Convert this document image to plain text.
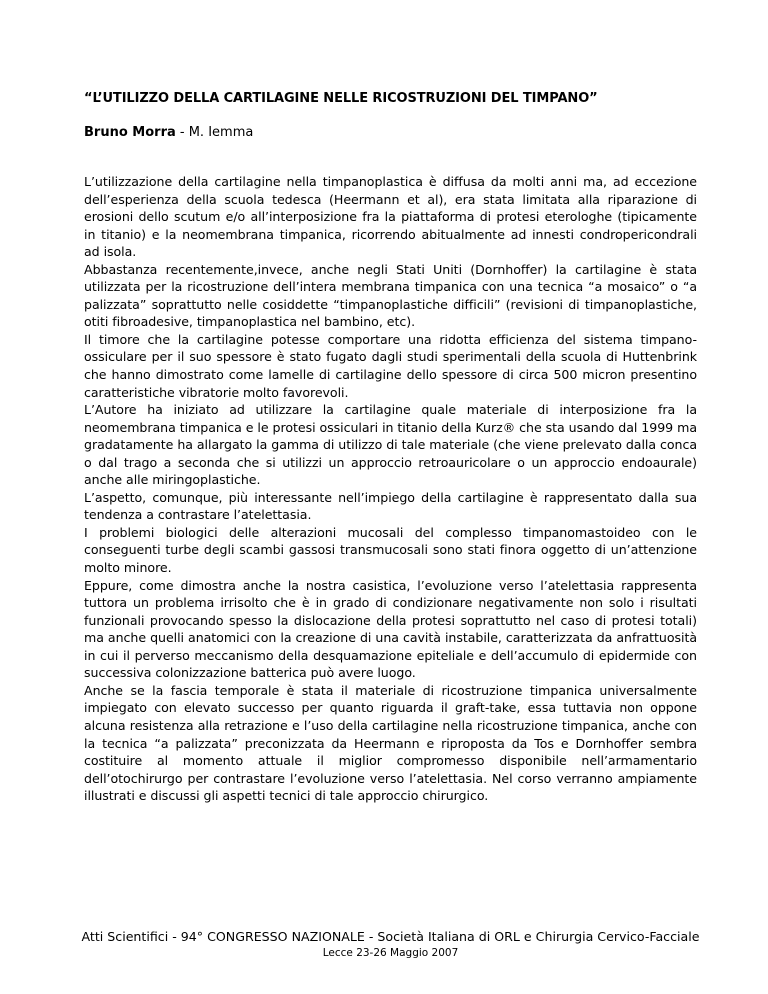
“L’UTILIZZO DELLA CARTILAGINE NELLE RICOSTRUZIONI DEL TIMPANO”
Bruno Morra - M. Iemma

L’utilizzazione della cartilagine nella timpanoplastica è diffusa da molti anni ma, ad eccezione dell’esperienza della scuola tedesca (Heermann et al), era stata limitata alla riparazione di erosioni dello scutum e/o all’interposizione fra la piattaforma di protesi eterologhe (tipicamente in titanio) e la neomembrana timpanica, ricorrendo abitualmente ad innesti condropericondrali ad isola.

Abbastanza recentemente,invece, anche negli Stati Uniti (Dornhoffer) la cartilagine è stata utilizzata per la ricostruzione dell’intera membrana timpanica con una tecnica “a mosaico” o “a palizzata” soprattutto nelle cosiddette “timpanoplastiche difficili” (revisioni di timpanoplastiche, otiti fibroadesive, timpanoplastica nel bambino, etc).

Il timore che la cartilagine potesse comportare una ridotta efficienza del sistema timpano-ossiculare per il suo spessore è stato fugato dagli studi sperimentali della scuola di Huttenbrink che hanno dimostrato come lamelle di cartilagine dello spessore di circa 500 micron presentino caratteristiche vibratorie molto favorevoli.

L’Autore ha iniziato ad utilizzare la cartilagine quale materiale di interposizione fra la neomembrana timpanica e le protesi ossiculari in titanio della Kurz® che sta usando dal 1999 ma gradatamente ha allargato la gamma di utilizzo di tale materiale (che viene prelevato dalla conca o dal trago a seconda che si utilizzi un approccio retroauricolare o un approccio endoaurale) anche alle miringoplastiche.

L’aspetto, comunque, più interessante nell’impiego della cartilagine è rappresentato dalla sua tendenza a contrastare l’atelettasia.

I problemi biologici delle alterazioni mucosali del complesso timpanomastoideo con le conseguenti turbe degli scambi gassosi transmucosali sono stati finora oggetto di un’attenzione molto minore.

Eppure, come dimostra anche la nostra casistica, l’evoluzione verso l’atelettasia rappresenta tuttora un problema irrisolto che è in grado di condizionare negativamente non solo i risultati funzionali provocando spesso la dislocazione della protesi soprattutto nel caso di protesi totali) ma anche quelli anatomici con la creazione di una cavità instabile, caratterizzata da anfrattuosità in cui il perverso meccanismo della desquamazione epiteliale e dell’accumulo di epidermide con successiva colonizzazione batterica può avere luogo.

Anche se la fascia temporale è stata il materiale di ricostruzione timpanica universalmente impiegato con elevato successo per quanto riguarda il graft-take, essa tuttavia non oppone alcuna resistenza alla retrazione e l’uso della cartilagine nella ricostruzione timpanica, anche con la tecnica “a palizzata” preconizzata da Heermann e riproposta da Tos e Dornhoffer sembra costituire al momento attuale il miglior compromesso disponibile nell’armamentario dell’otochirurgo per contrastare l’evoluzione verso l’atelettasia. Nel corso verranno ampiamente illustrati e discussi gli aspetti tecnici di tale approccio chirurgico.

Atti Scientifici - 94° CONGRESSO NAZIONALE - Società Italiana di ORL e Chirurgia Cervico-Facciale
Lecce 23-26 Maggio 2007
